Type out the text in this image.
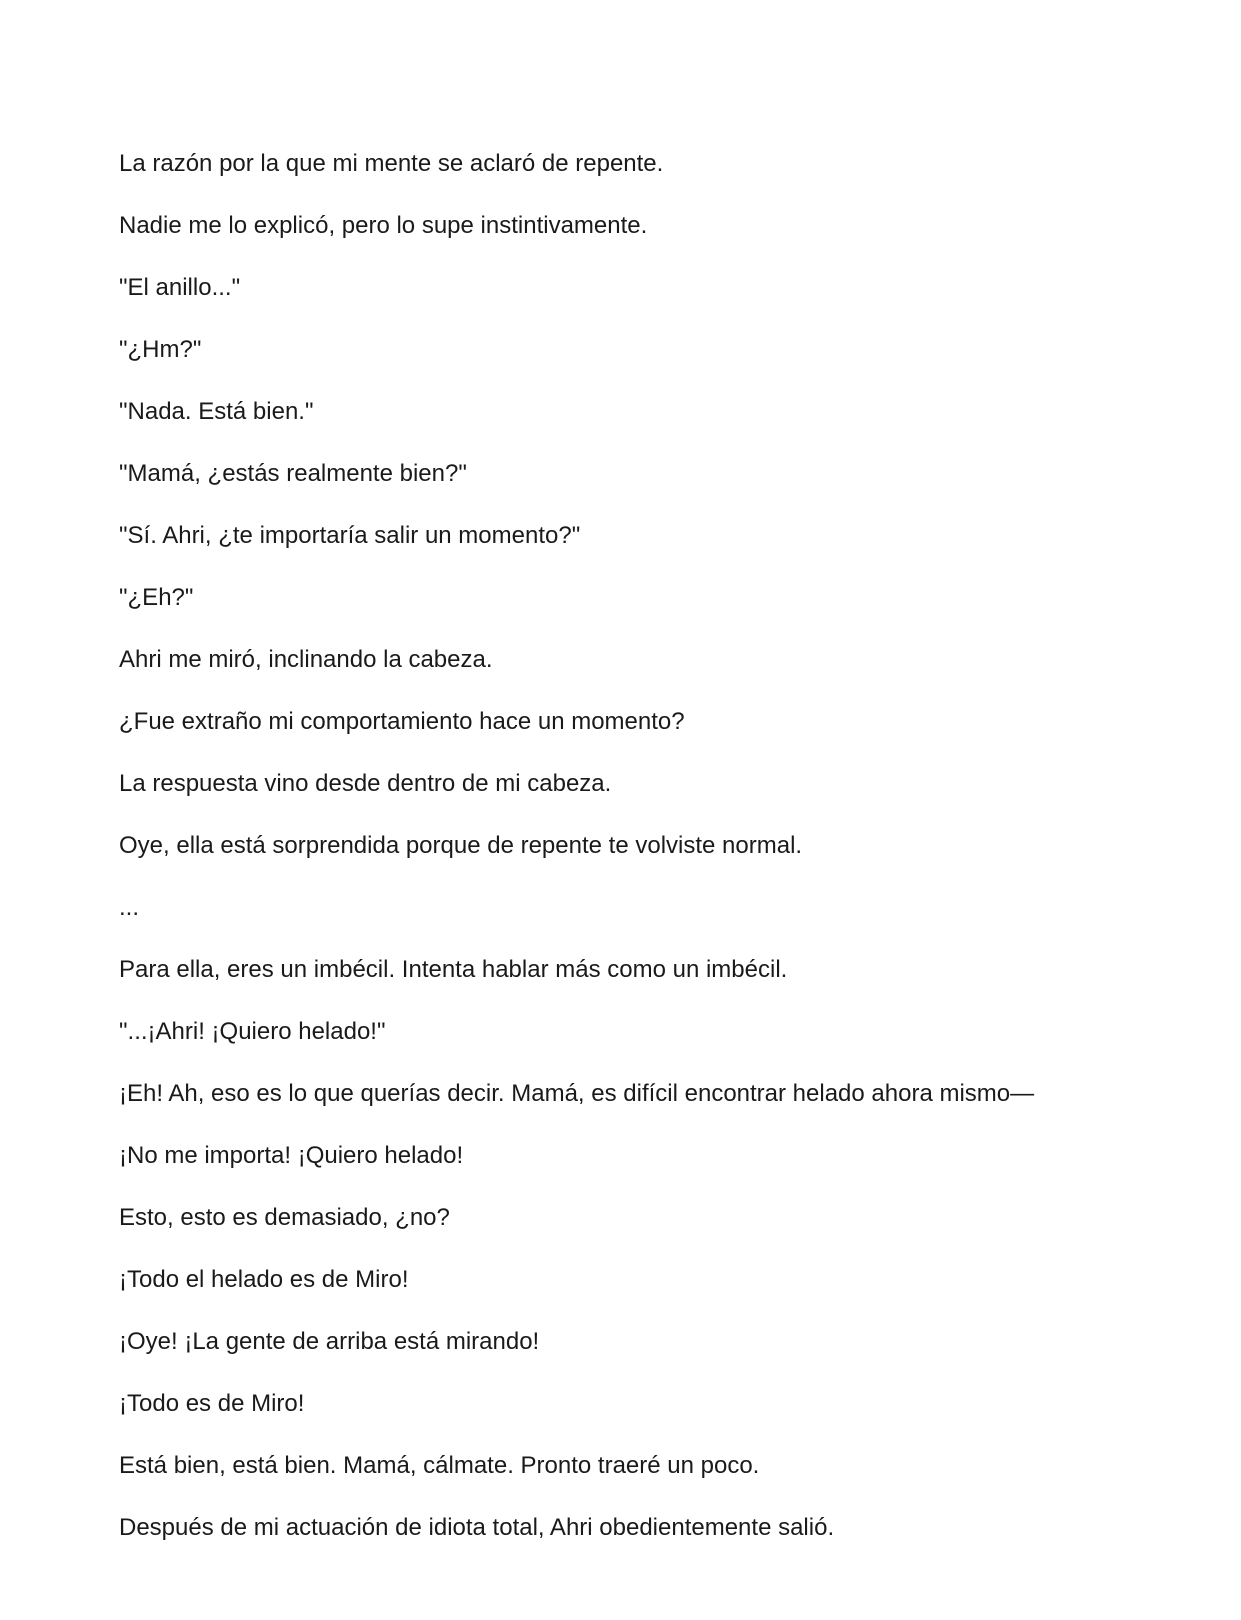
La razón por la que mi mente se aclaró de repente.

Nadie me lo explicó, pero lo supe instintivamente.

"El anillo..."

"¿Hm?"

"Nada. Está bien."

"Mamá, ¿estás realmente bien?"

"Sí. Ahri, ¿te importaría salir un momento?"

"¿Eh?"

Ahri me miró, inclinando la cabeza.

¿Fue extraño mi comportamiento hace un momento?

La respuesta vino desde dentro de mi cabeza.

Oye, ella está sorprendida porque de repente te volviste normal.

...

Para ella, eres un imbécil. Intenta hablar más como un imbécil.

"...¡Ahri! ¡Quiero helado!"

¡Eh! Ah, eso es lo que querías decir. Mamá, es difícil encontrar helado ahora mismo—

¡No me importa! ¡Quiero helado!

Esto, esto es demasiado, ¿no?

¡Todo el helado es de Miro!

¡Oye! ¡La gente de arriba está mirando!

¡Todo es de Miro!

Está bien, está bien. Mamá, cálmate. Pronto traeré un poco.

Después de mi actuación de idiota total, Ahri obedientemente salió.
